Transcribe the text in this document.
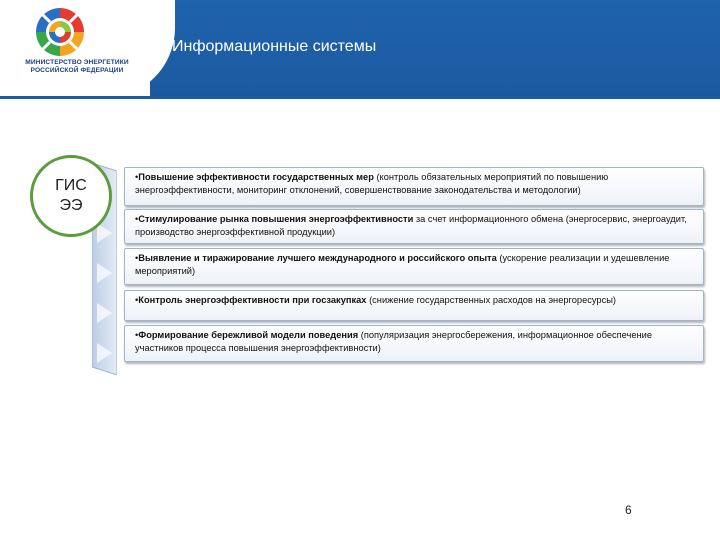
МИНИСТЕРСТВО ЭНЕРГЕТИКИ
РОССИЙСКОЙ ФЕДЕРАЦИИ
Информационные системы
ГИС
ЭЭ
•Повышение эффективности государственных мер (контроль обязательных мероприятий по повышению энергоэффективности, мониторинг отклонений, совершенствование законодательства и методологии)
•Стимулирование рынка повышения энергоэффективности за счет информационного обмена (энергосервис, энергоаудит, производство энергоэффективной продукции)
•Выявление и тиражирование лучшего международного и российского опыта (ускорение реализации и удешевление мероприятий)
•Контроль энергоэффективности при госзакупках (снижение государственных расходов на энергоресурсы)
•Формирование бережливой модели поведения (популяризация энергосбережения, информационное обеспечение участников процесса повышения энергоэффективности)
6
